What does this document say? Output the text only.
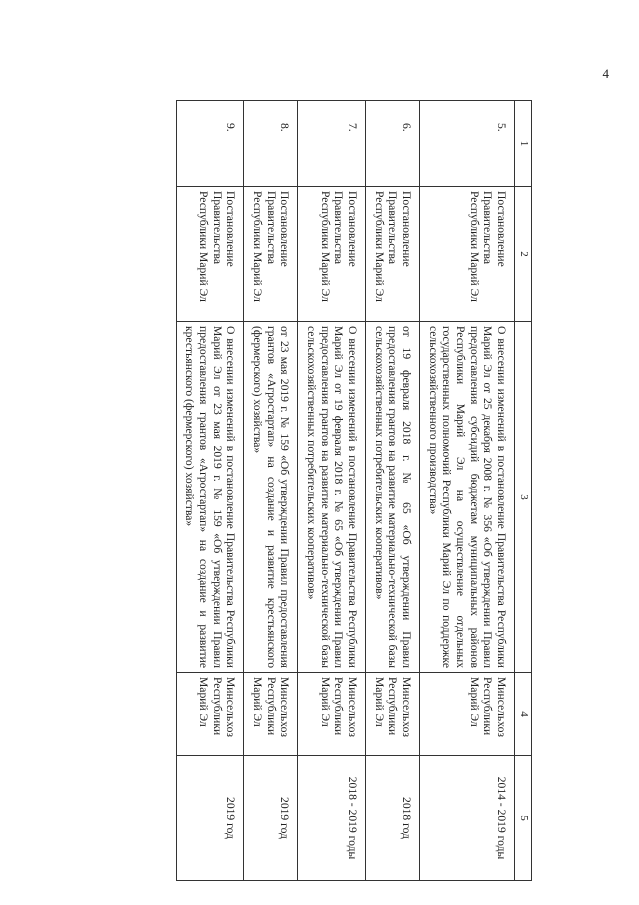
4
1	2	3	4	5
5.	Постановление Правительства Республики Марий Эл	О внесении изменений в постановление Правительства Республики Марий Эл от 25 декабря 2008 г. № 356 «Об утверждении Правил предоставления субсидий бюджетам муниципальных районов Республики Марий Эл на осуществление отдельных государственных полномочий Республики Марий Эл по поддержке сельскохозяйственного производства»	Минсельхоз Республики Марий Эл	2014 - 2019 годы
6.	Постановление Правительства Республики Марий Эл	от 19 февраля 2018 г. № 65 «Об утверждении Правил предоставления грантов на развитие материально-технической базы сельскохозяйственных потребительских кооперативов»	Минсельхоз Республики Марий Эл	2018 год
7.	Постановление Правительства Республики Марий Эл	О внесении изменений в постановление Правительства Республики Марий Эл от 19 февраля 2018 г. № 65 «Об утверждении Правил предоставления грантов на развитие материально-технической базы сельскохозяйственных потребительских кооперативов»	Минсельхоз Республики Марий Эл	2018 - 2019 годы
8.	Постановление Правительства Республики Марий Эл	от 23 мая 2019 г. № 159 «Об утверждении Правил предоставления грантов «Агростартап» на создание и развитие крестьянского (фермерского) хозяйства»	Минсельхоз Республики Марий Эл	2019 год
9.	Постановление Правительства Республики Марий Эл	О внесении изменений в постановление Правительства Республики Марий Эл от 23 мая 2019 г. № 159 «Об утверждении Правил предоставления грантов «Агростартап» на создание и развитие крестьянского (фермерского) хозяйства»	Минсельхоз Республики Марий Эл	2019 год
